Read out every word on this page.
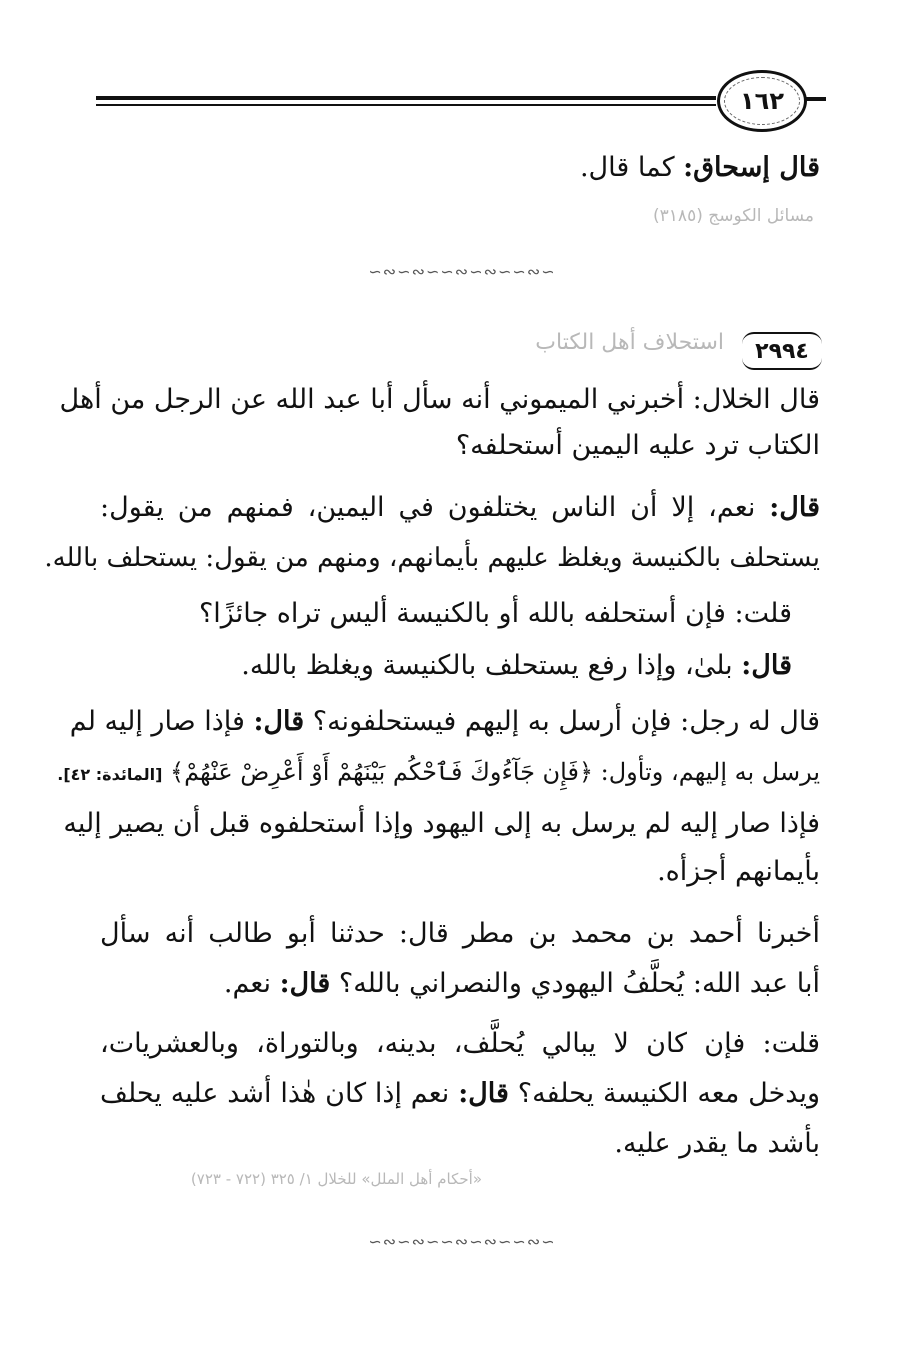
١٦٢
قال إسحاق: كما قال.
مسائل الكوسج (٣١٨٥)
∽∾∽∾∽∽∾∽∾∽∽∾∽
٢٩٩٤
استحلاف أهل الكتاب
قال الخلال: أخبرني الميموني أنه سأل أبا عبد الله عن الرجل من أهل
الكتاب ترد عليه اليمين أستحلفه؟
قال: نعم، إلا أن الناس يختلفون في اليمين، فمنهم من يقول:
يستحلف بالكنيسة ويغلظ عليهم بأيمانهم، ومنهم من يقول: يستحلف بالله.
قلت: فإن أستحلفه بالله أو بالكنيسة أليس تراه جائزًا؟
قال: بلىٰ، وإذا رفع يستحلف بالكنيسة ويغلظ بالله.
قال له رجل: فإن أرسل به إليهم فيستحلفونه؟ قال: فإذا صار إليه لم
يرسل به إليهم، وتأول: ﴿فَإِن جَآءُوكَ فَٱحْكُم بَيْنَهُمْ أَوْ أَعْرِضْ عَنْهُمْ﴾ [المائدة: ٤٢].
فإذا صار إليه لم يرسل به إلى اليهود وإذا أستحلفوه قبل أن يصير إليه
بأيمانهم أجزأه.
أخبرنا أحمد بن محمد بن مطر قال: حدثنا أبو طالب أنه سأل
أبا عبد الله: يُحلَّفُ اليهودي والنصراني بالله؟ قال: نعم.
قلت: فإن كان لا يبالي يُحلَّف، بدينه، وبالتوراة، وبالعشريات،
ويدخل معه الكنيسة يحلفه؟ قال: نعم إذا كان هٰذا أشد عليه يحلف
بأشد ما يقدر عليه.
«أحكام أهل الملل» للخلال ١/ ٣٢٥ (٧٢٢ - ٧٢٣)
∽∾∽∾∽∽∾∽∾∽∽∾∽
